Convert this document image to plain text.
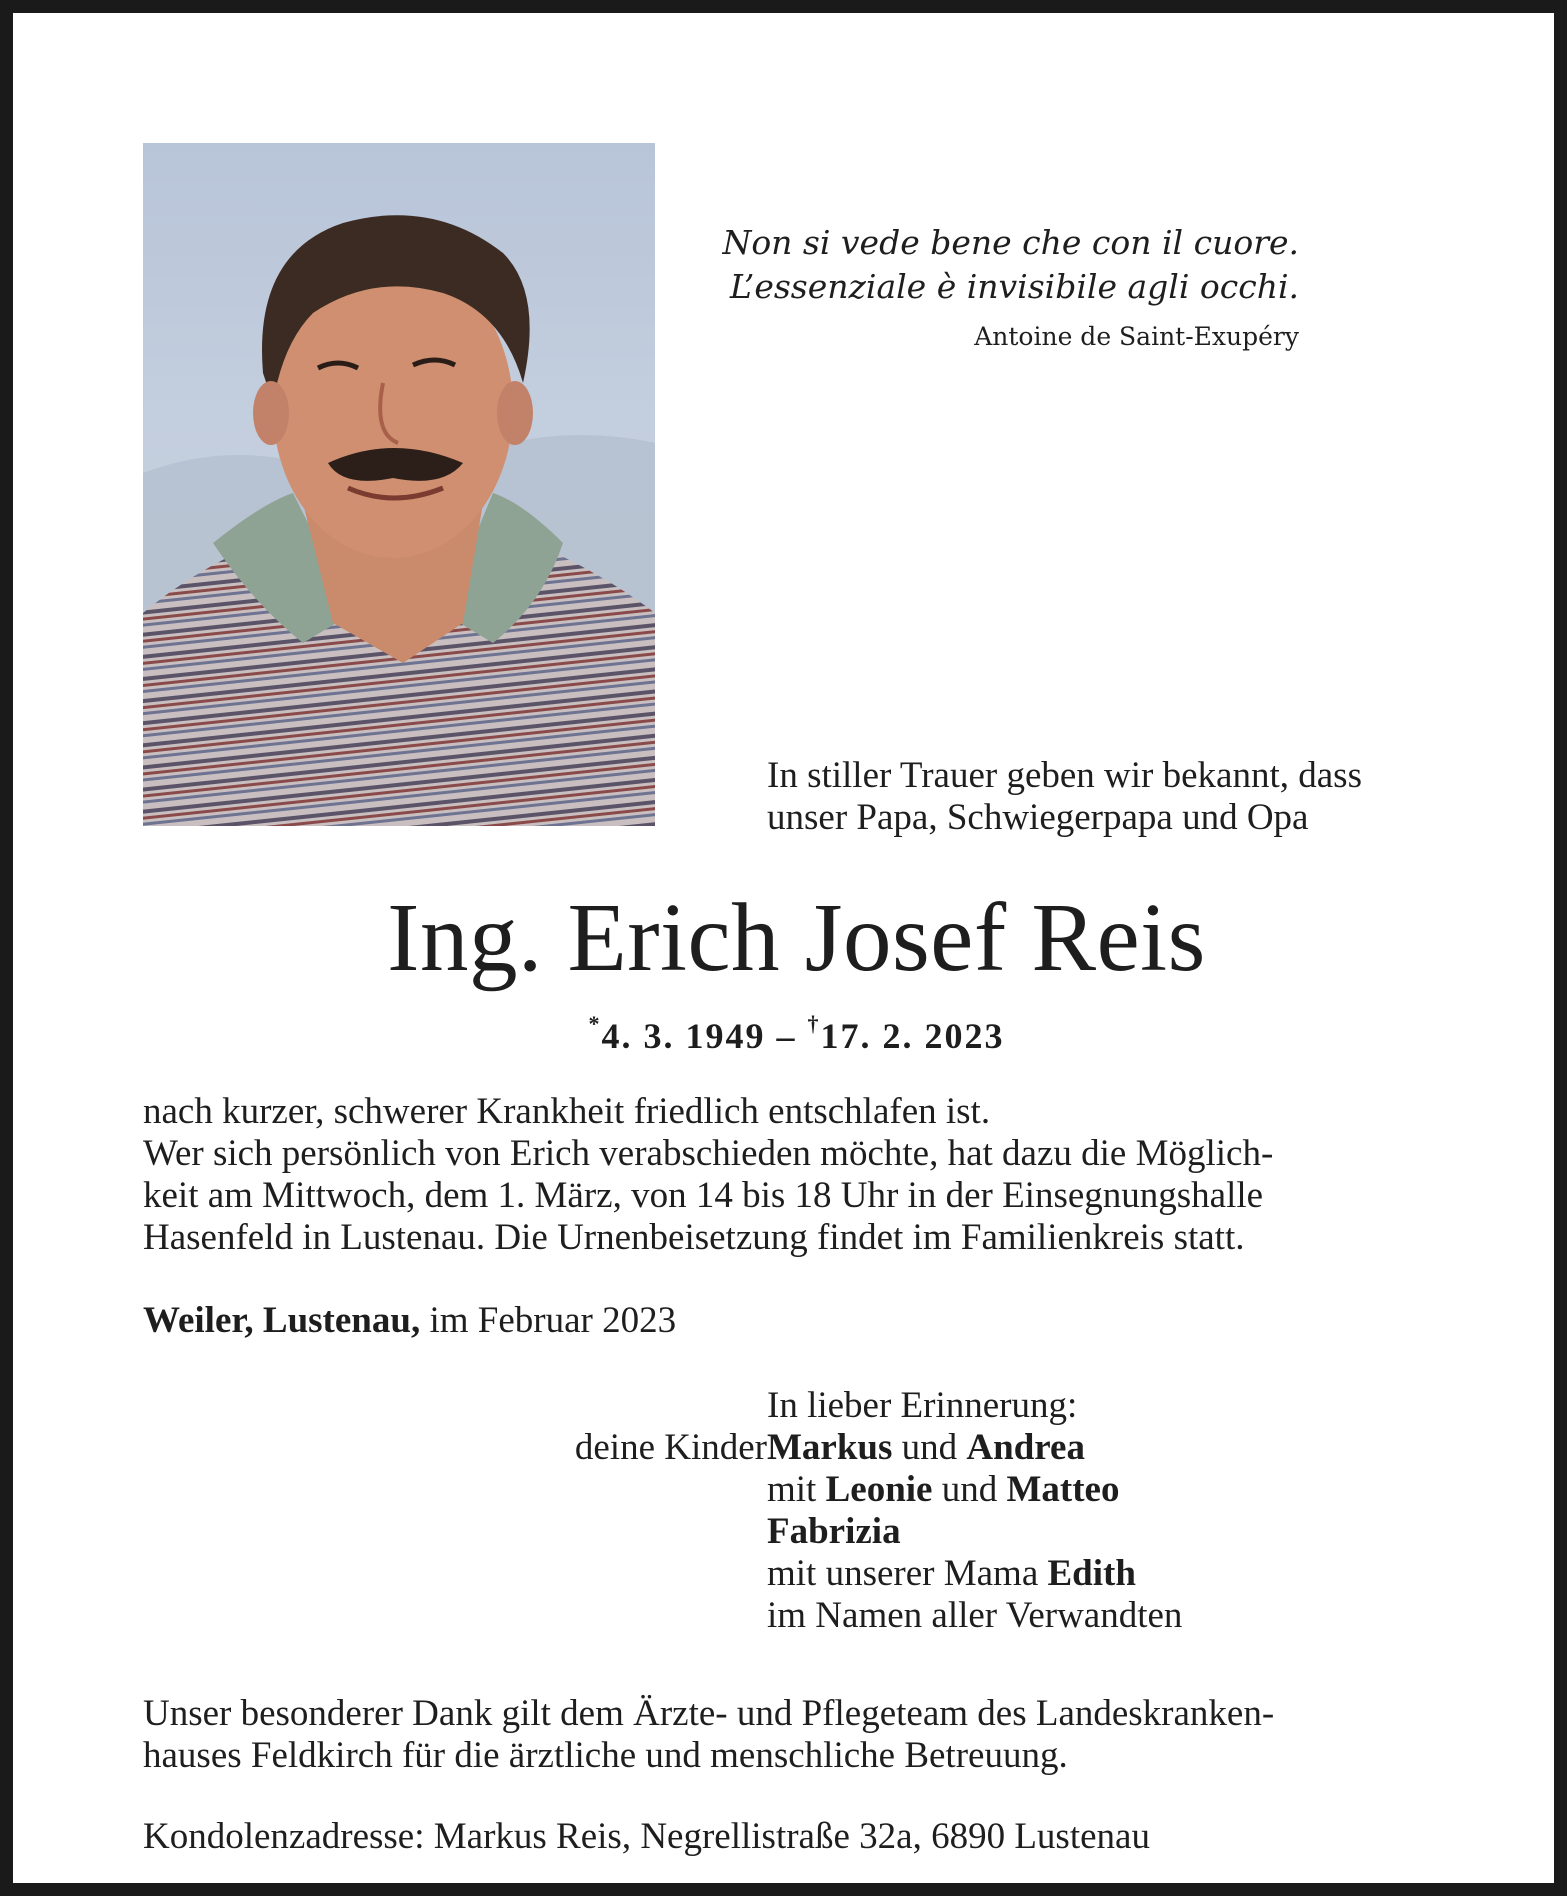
Non si vede bene che con il cuore.
L’essenziale è invisibile agli occhi.
Antoine de Saint-Exupéry
In stiller Trauer geben wir bekannt, dass
unser Papa, Schwiegerpapa und Opa
Ing. Erich Josef Reis
*4. 3. 1949 – †17. 2. 2023

nach kurzer, schwerer Krankheit friedlich entschlafen ist.

Wer sich persönlich von Erich verabschieden möchte, hat dazu die Möglich-

keit am Mittwoch, dem 1. März, von 14 bis 18 Uhr in der Einsegnungshalle

Hasenfeld in Lustenau. Die Urnenbeisetzung findet im Familienkreis statt.

Weiler, Lustenau, im Februar 2023
In lieber Erinnerung:
deine Kinder Markus und Andrea
mit Leonie und Matteo
Fabrizia
mit unserer Mama Edith
im Namen aller Verwandten

Unser besonderer Dank gilt dem Ärzte- und Pflegeteam des Landeskranken-

hauses Feldkirch für die ärztliche und menschliche Betreuung.

Kondolenzadresse: Markus Reis, Negrellistraße 32a, 6890 Lustenau
